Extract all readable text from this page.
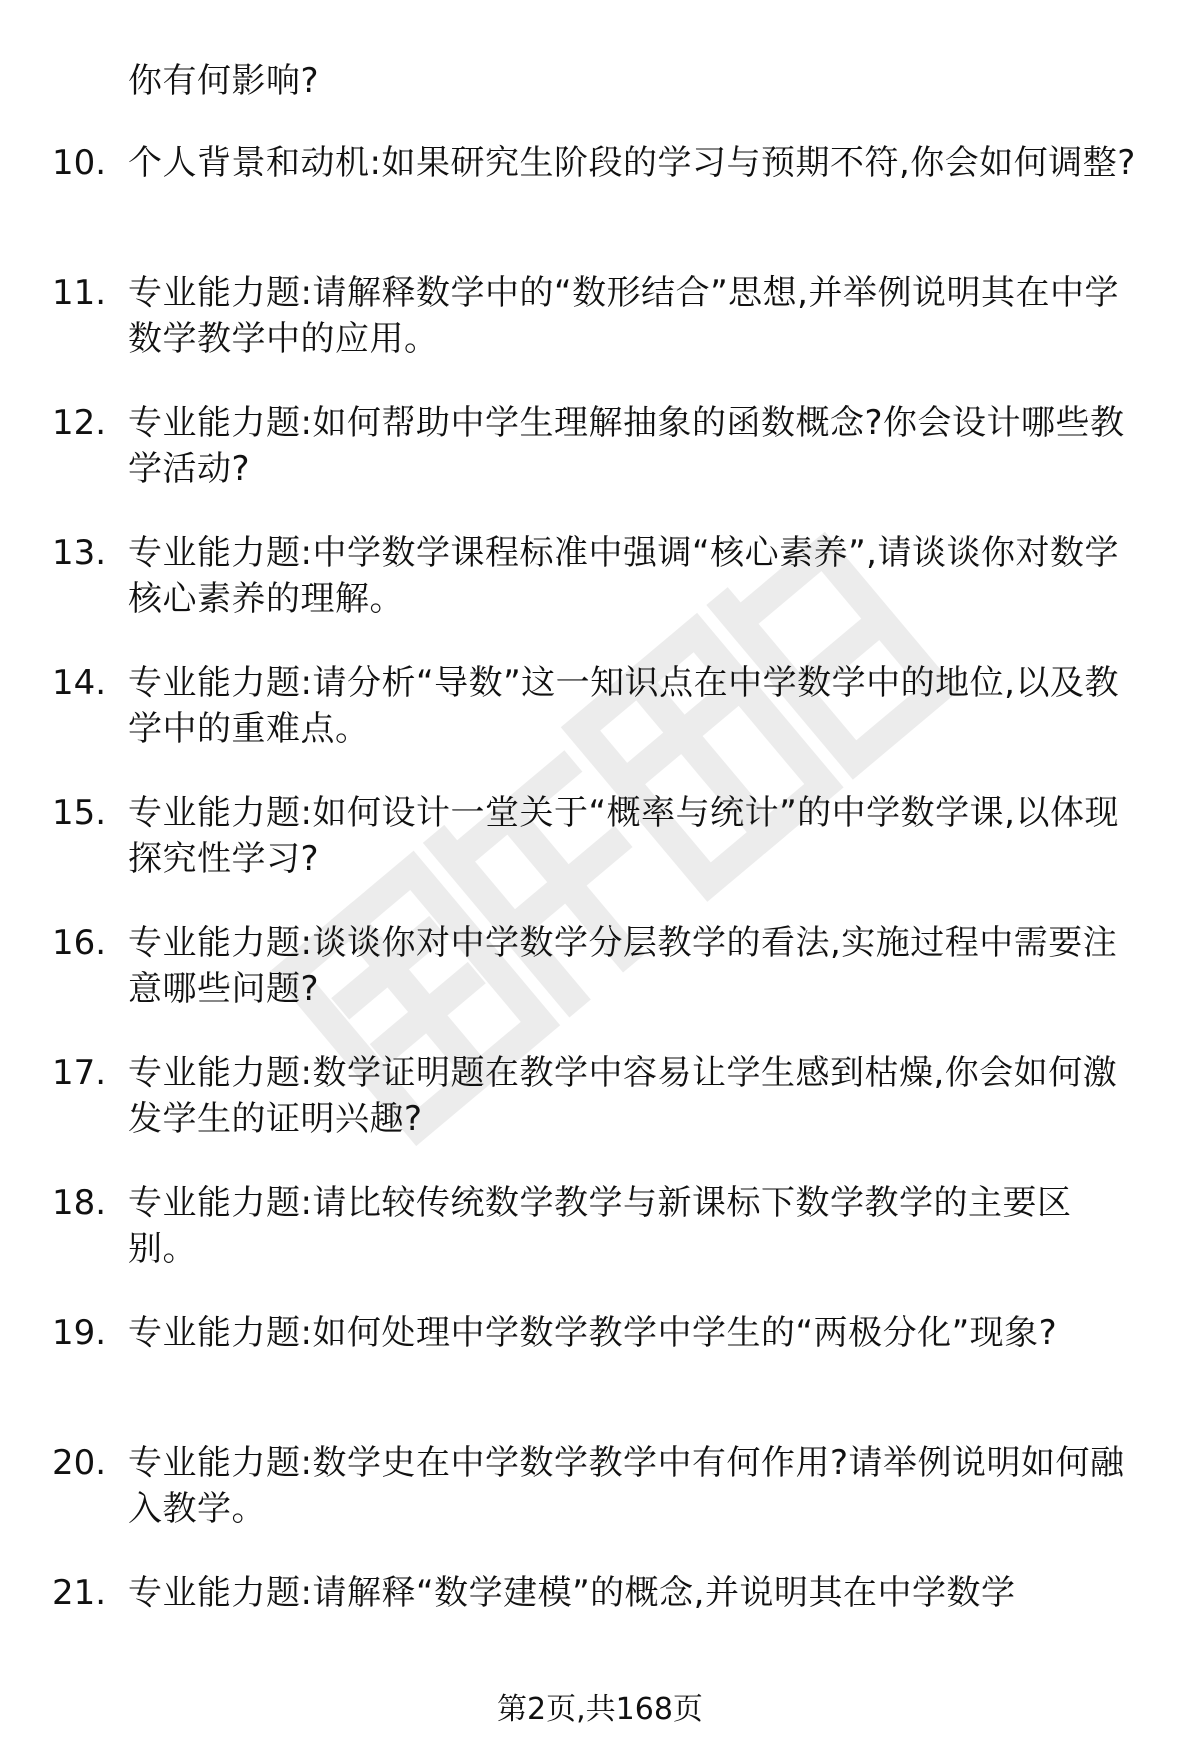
你有何影响?
10. 个人背景和动机:如果研究生阶段的学习与预期不符,你会如何调整?
11. 专业能力题:请解释数学中的“数形结合”思想,并举例说明其在中学数学教学中的应用。
12. 专业能力题:如何帮助中学生理解抽象的函数概念?你会设计哪些教学活动?
13. 专业能力题:中学数学课程标准中强调“核心素养”,请谈谈你对数学核心素养的理解。
14. 专业能力题:请分析“导数”这一知识点在中学数学中的地位,以及教学中的重难点。
15. 专业能力题:如何设计一堂关于“概率与统计”的中学数学课,以体现探究性学习?
16. 专业能力题:谈谈你对中学数学分层教学的看法,实施过程中需要注意哪些问题?
17. 专业能力题:数学证明题在教学中容易让学生感到枯燥,你会如何激发学生的证明兴趣?
18. 专业能力题:请比较传统数学教学与新课标下数学教学的主要区别。
19. 专业能力题:如何处理中学数学教学中学生的“两极分化”现象?
20. 专业能力题:数学史在中学数学教学中有何作用?请举例说明如何融入教学。
21. 专业能力题:请解释“数学建模”的概念,并说明其在中学数学
第2页,共168页
